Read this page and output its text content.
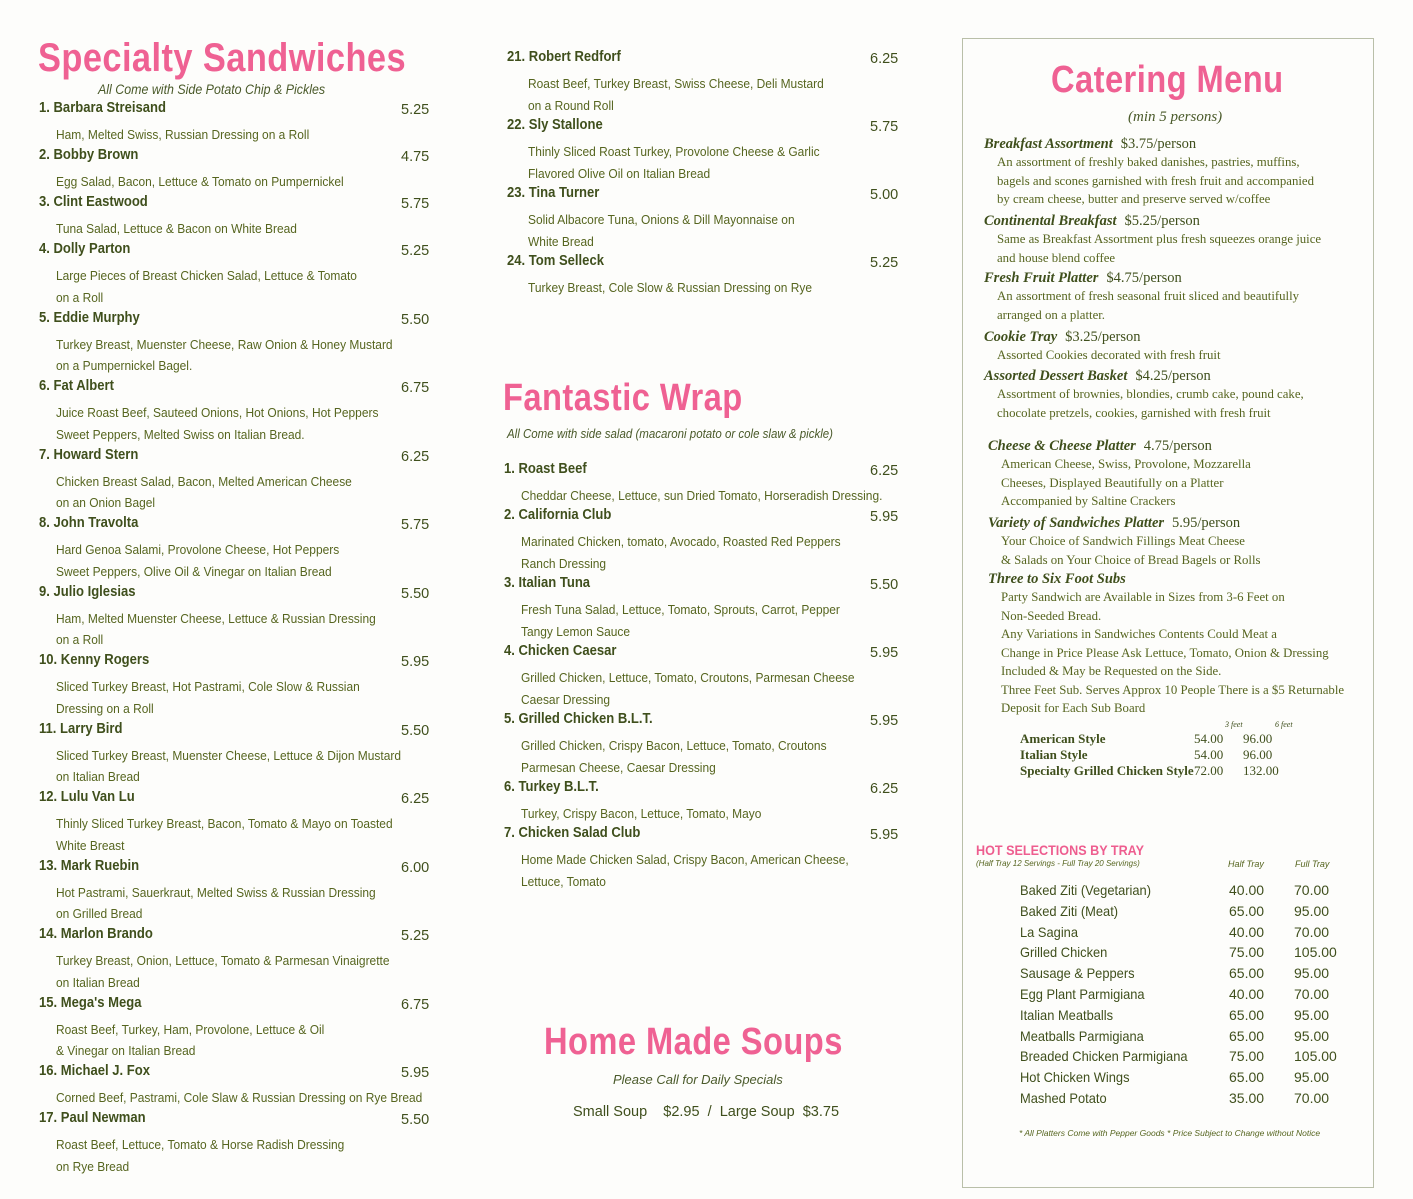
Specialty Sandwiches
All Come with Side Potato Chip & Pickles
1. Barbara Streisand	5.25
Ham, Melted Swiss, Russian Dressing on a Roll
2. Bobby Brown	4.75
Egg Salad, Bacon, Lettuce & Tomato on Pumpernickel
3. Clint Eastwood	5.75
Tuna Salad, Lettuce & Bacon on White Bread
4. Dolly Parton	5.25
Large Pieces of Breast Chicken Salad, Lettuce & Tomato
on a Roll
5. Eddie Murphy	5.50
Turkey Breast, Muenster Cheese, Raw Onion & Honey Mustard
on a Pumpernickel Bagel.
6. Fat Albert	6.75
Juice Roast Beef, Sauteed Onions, Hot Onions, Hot Peppers
Sweet Peppers, Melted Swiss on Italian Bread.
7. Howard Stern	6.25
Chicken Breast Salad, Bacon, Melted American Cheese
on an Onion Bagel
8. John Travolta	5.75
Hard Genoa Salami, Provolone Cheese, Hot Peppers
Sweet Peppers, Olive Oil & Vinegar on Italian Bread
9. Julio Iglesias	5.50
Ham, Melted Muenster Cheese, Lettuce & Russian Dressing
on a Roll
10. Kenny Rogers	5.95
Sliced Turkey Breast, Hot Pastrami, Cole Slow & Russian
Dressing on a Roll
11. Larry Bird	5.50
Sliced Turkey Breast, Muenster Cheese, Lettuce & Dijon Mustard
on Italian Bread
12. Lulu Van Lu	6.25
Thinly Sliced Turkey Breast, Bacon, Tomato & Mayo on Toasted
White Breast
13. Mark Ruebin	6.00
Hot Pastrami, Sauerkraut, Melted Swiss & Russian Dressing
on Grilled Bread
14. Marlon Brando	5.25
Turkey Breast, Onion, Lettuce, Tomato & Parmesan Vinaigrette
on Italian Bread
15. Mega's Mega	6.75
Roast Beef, Turkey, Ham, Provolone, Lettuce & Oil
& Vinegar on Italian Bread
16. Michael J. Fox	5.95
Corned Beef, Pastrami, Cole Slaw & Russian Dressing on Rye Bread
17. Paul Newman	5.50
Roast Beef, Lettuce, Tomato & Horse Radish Dressing
on Rye Bread
21. Robert Redforf	6.25
Roast Beef, Turkey Breast, Swiss Cheese, Deli Mustard
on a Round Roll
22. Sly Stallone	5.75
Thinly Sliced Roast Turkey, Provolone Cheese & Garlic
Flavored Olive Oil on Italian Bread
23. Tina Turner	5.00
Solid Albacore Tuna, Onions & Dill Mayonnaise on
White Bread
24. Tom Selleck	5.25
Turkey Breast, Cole Slow & Russian Dressing on Rye
Fantastic Wrap
All Come with side salad (macaroni potato or cole slaw & pickle)
1. Roast Beef	6.25
Cheddar Cheese, Lettuce, sun Dried Tomato, Horseradish Dressing.
2. California Club	5.95
Marinated Chicken, tomato, Avocado, Roasted Red Peppers
Ranch Dressing
3. Italian Tuna	5.50
Fresh Tuna Salad, Lettuce, Tomato, Sprouts, Carrot, Pepper
Tangy Lemon Sauce
4. Chicken Caesar	5.95
Grilled Chicken, Lettuce, Tomato, Croutons, Parmesan Cheese
Caesar Dressing
5. Grilled Chicken B.L.T.	5.95
Grilled Chicken, Crispy Bacon, Lettuce, Tomato, Croutons
Parmesan Cheese, Caesar Dressing
6. Turkey B.L.T.	6.25
Turkey, Crispy Bacon, Lettuce, Tomato, Mayo
7. Chicken Salad Club	5.95
Home Made Chicken Salad, Crispy Bacon, American Cheese,
Lettuce, Tomato
Home Made Soups
Please Call for Daily Specials
Small Soup    $2.95  /  Large Soup  $3.75
Catering Menu
(min 5 persons)
Breakfast Assortment $3.75/person
An assortment of freshly baked danishes, pastries, muffins,
bagels and scones garnished with fresh fruit and accompanied
by cream cheese, butter and preserve served w/coffee
Continental Breakfast $5.25/person
Same as Breakfast Assortment plus fresh squeezes orange juice
and house blend coffee
Fresh Fruit Platter $4.75/person
An assortment of fresh seasonal fruit sliced and beautifully
arranged on a platter.
Cookie Tray $3.25/person
Assorted Cookies decorated with fresh fruit
Assorted Dessert Basket $4.25/person
Assortment of brownies, blondies, crumb cake, pound cake,
chocolate pretzels, cookies, garnished with fresh fruit
Cheese & Cheese Platter 4.75/person
American Cheese, Swiss, Provolone, Mozzarella
Cheeses, Displayed Beautifully on a Platter
Accompanied by Saltine Crackers
Variety of Sandwiches Platter 5.95/person
Your Choice of Sandwich Fillings Meat Cheese
& Salads on Your Choice of Bread Bagels or Rolls
Three to Six Foot Subs
Party Sandwich are Available in Sizes from 3-6 Feet on
Non-Seeded Bread.
Any Variations in Sandwiches Contents Could Meat a
Change in Price Please Ask Lettuce, Tomato, Onion & Dressing
Included & May be Requested on the Side.
Three Feet Sub. Serves Approx 10 People There is a $5 Returnable
Deposit for Each Sub Board
3 feet	6 feet
American Style	54.00 96.00
Italian Style	54.00 96.00
Specialty Grilled Chicken Style 72.00 132.00
HOT SELECTIONS BY TRAY
(Half Tray 12 Servings - Full Tray 20 Servings)	Half Tray	Full Tray
Baked Ziti (Vegetarian)	40.00 70.00
Baked Ziti (Meat)	65.00 95.00
La Sagina	40.00 70.00
Grilled Chicken	75.00 105.00
Sausage & Peppers	65.00 95.00
Egg Plant Parmigiana	40.00 70.00
Italian Meatballs	65.00 95.00
Meatballs Parmigiana	65.00 95.00
Breaded Chicken Parmigiana	75.00 105.00
Hot Chicken Wings	65.00 95.00
Mashed Potato	35.00 70.00
* All Platters Come with Pepper Goods * Price Subject to Change without Notice
